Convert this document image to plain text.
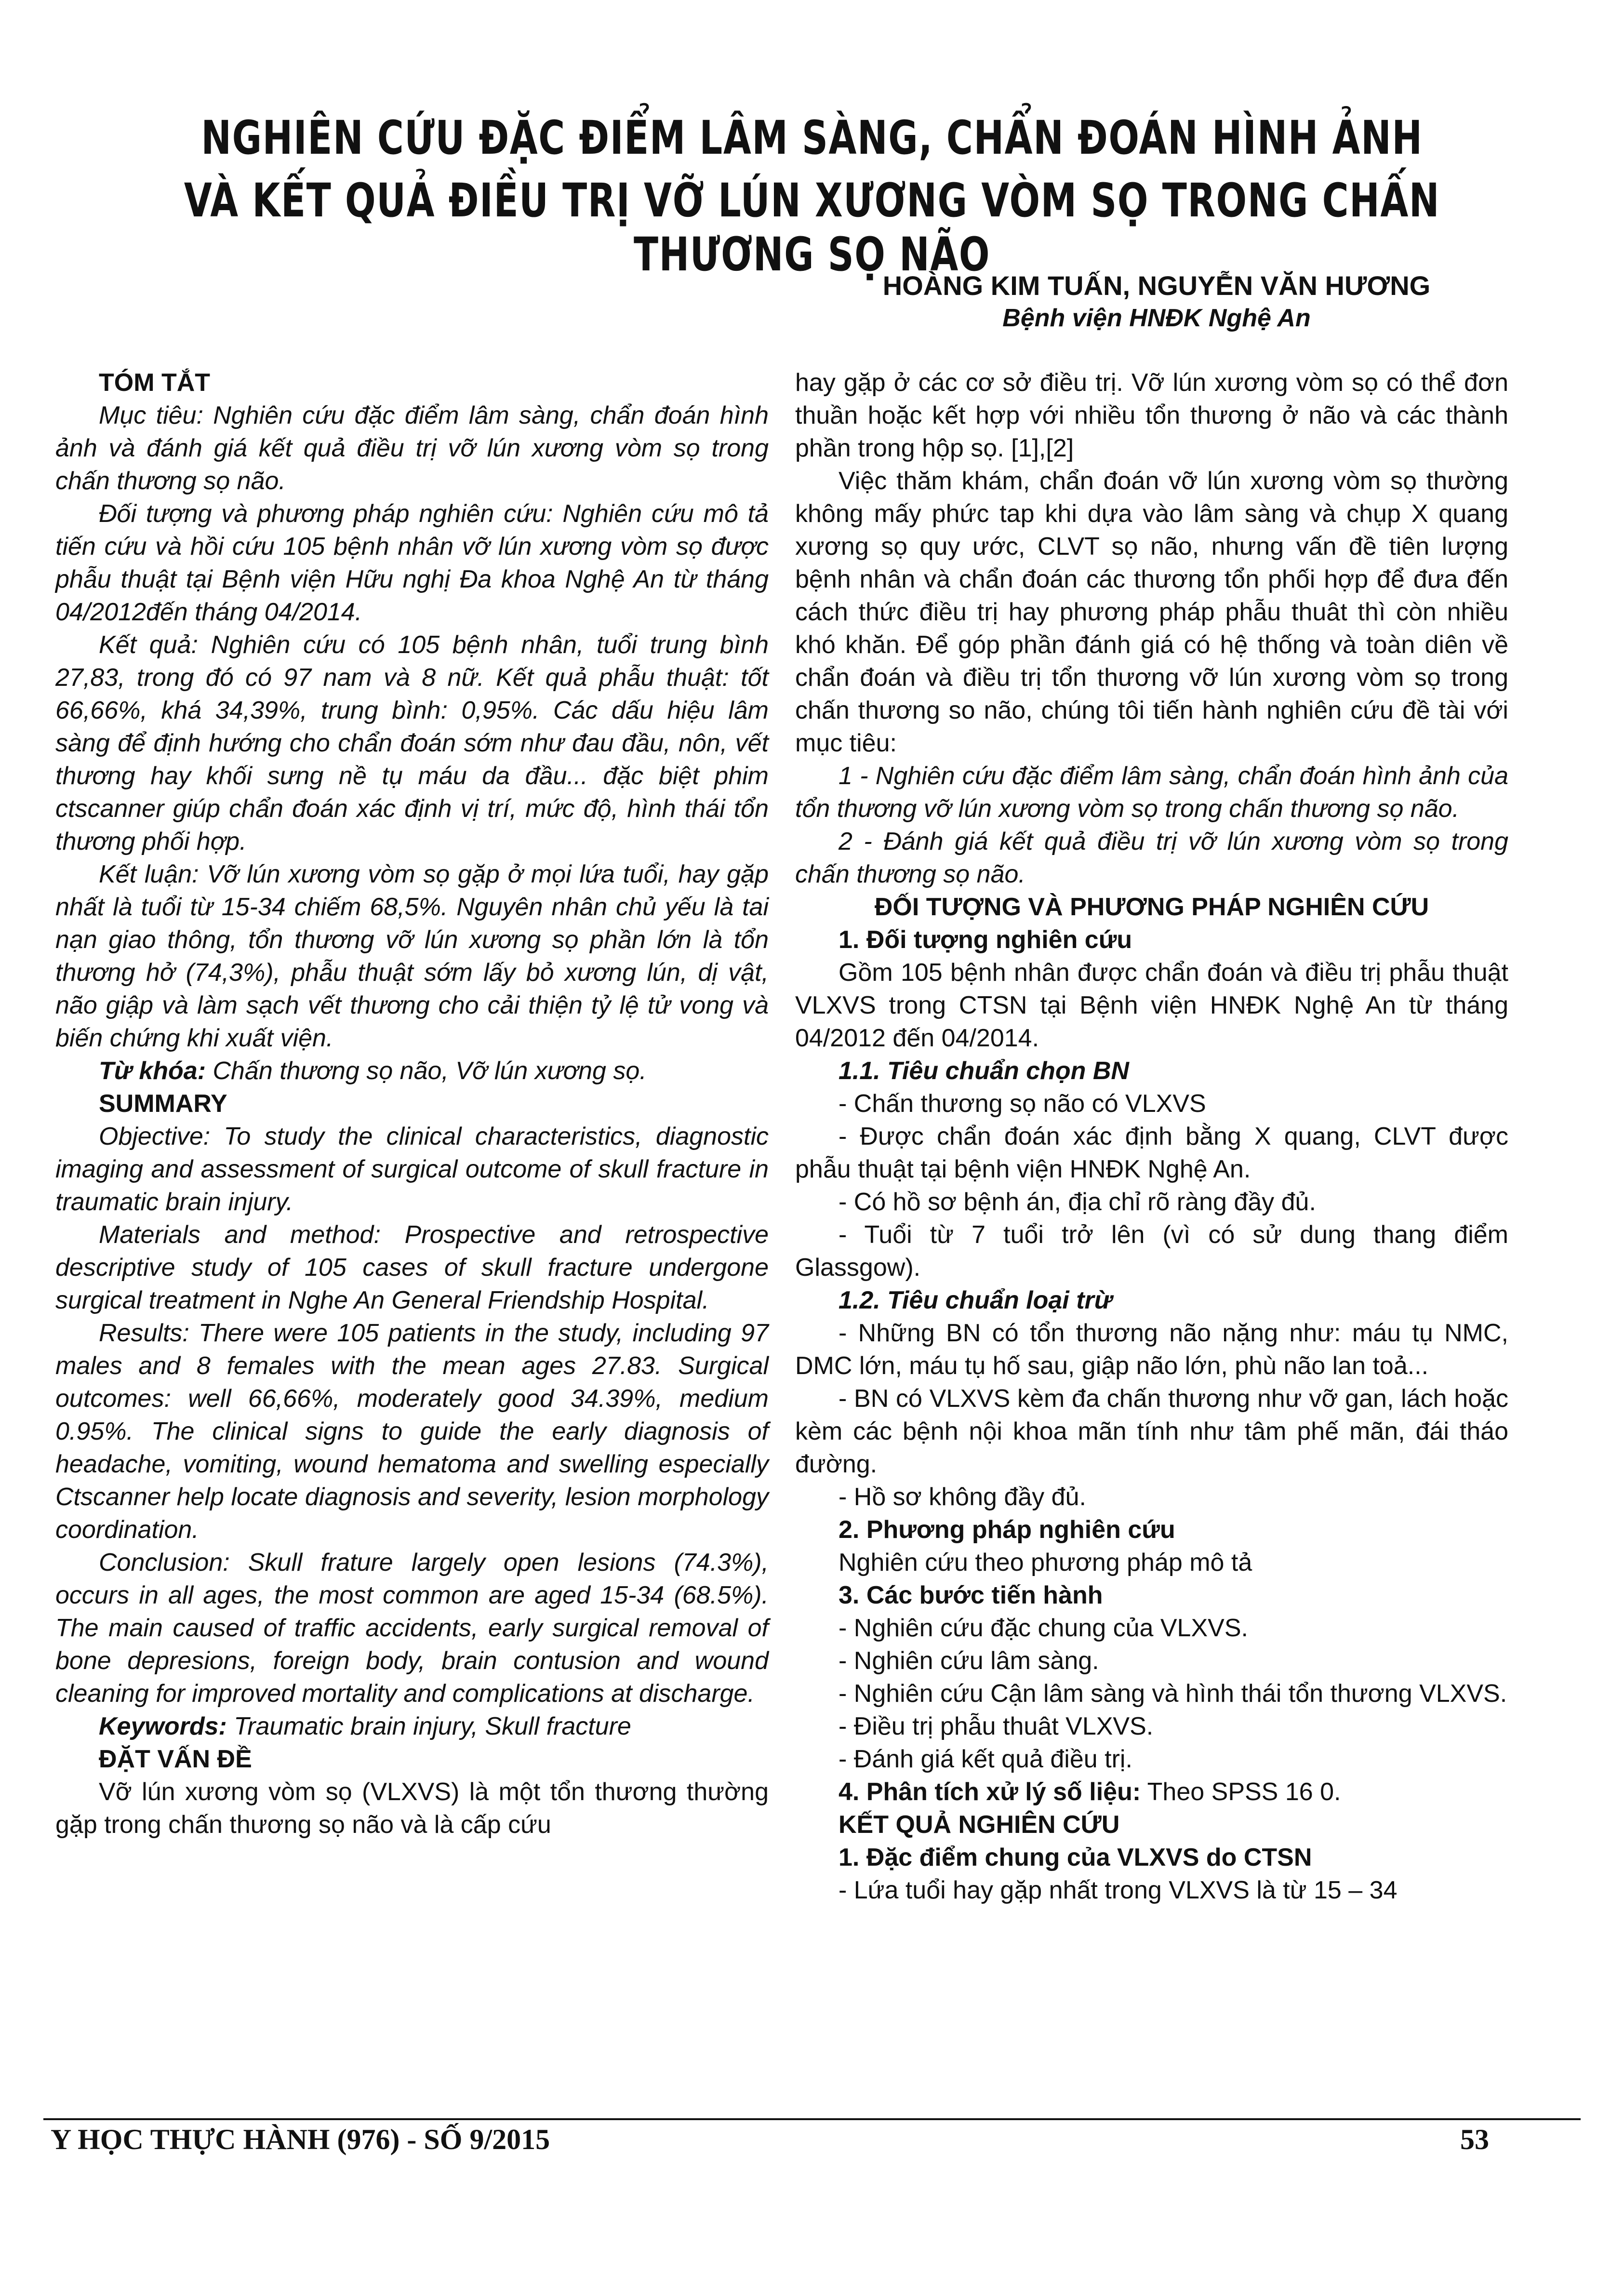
NGHIÊN CỨU ĐẶC ĐIỂM LÂM SÀNG, CHẨN ĐOÁN HÌNH ẢNH
VÀ KẾT QUẢ ĐIỀU TRỊ VỠ LÚN XƯƠNG VÒM SỌ TRONG CHẤN THƯƠNG SỌ NÃO
HOÀNG KIM TUẤN, NGUYỄN VĂN HƯƠNG
Bệnh viện HNĐK Nghệ An

TÓM TẮT

Mục tiêu: Nghiên cứu đặc điểm lâm sàng, chẩn đoán hình ảnh và đánh giá kết quả điều trị vỡ lún xương vòm sọ trong chấn thương sọ não.

Đối tượng và phương pháp nghiên cứu: Nghiên cứu mô tả tiến cứu và hồi cứu 105 bệnh nhân vỡ lún xương vòm sọ được phẫu thuật tại Bệnh viện Hữu nghị Đa khoa Nghệ An từ tháng 04/2012đến tháng 04/2014.

Kết quả: Nghiên cứu có 105 bệnh nhân, tuổi trung bình 27,83, trong đó có 97 nam và 8 nữ. Kết quả phẫu thuật: tốt 66,66%, khá 34,39%, trung bình: 0,95%. Các dấu hiệu lâm sàng để định hướng cho chẩn đoán sớm như đau đầu, nôn, vết thương hay khối sưng nề tụ máu da đầu... đặc biệt phim ctscanner giúp chẩn đoán xác định vị trí, mức độ, hình thái tổn thương phối hợp.

Kết luận: Vỡ lún xương vòm sọ gặp ở mọi lứa tuổi, hay gặp nhất là tuổi từ 15-34 chiếm 68,5%. Nguyên nhân chủ yếu là tai nạn giao thông, tổn thương vỡ lún xương sọ phần lớn là tổn thương hở (74,3%), phẫu thuật sớm lấy bỏ xương lún, dị vật, não giập và làm sạch vết thương cho cải thiện tỷ lệ tử vong và biến chứng khi xuất viện.

Từ khóa: Chấn thương sọ não, Vỡ lún xương sọ.

SUMMARY

Objective: To study the clinical characteristics, diagnostic imaging and assessment of surgical outcome of skull fracture in traumatic brain injury.

Materials and method: Prospective and retrospective descriptive study of 105 cases of skull fracture undergone surgical treatment in Nghe An General Friendship Hospital.

Results: There were 105 patients in the study, including 97 males and 8 females with the mean ages 27.83. Surgical outcomes: well 66,66%, moderately good 34.39%, medium 0.95%. The clinical signs to guide the early diagnosis of headache, vomiting, wound hematoma and swelling especially Ctscanner help locate diagnosis and severity, lesion morphology coordination.

Conclusion: Skull frature largely open lesions (74.3%), occurs in all ages, the most common are aged 15-34 (68.5%). The main caused of traffic accidents, early surgical removal of bone depresions, foreign body, brain contusion and wound cleaning for improved mortality and complications at discharge.

Keywords: Traumatic brain injury, Skull fracture

ĐẶT VẤN ĐỀ

Vỡ lún xương vòm sọ (VLXVS) là một tổn thương thường gặp trong chấn thương sọ não và là cấp cứu

hay gặp ở các cơ sở điều trị. Vỡ lún xương vòm sọ có thể đơn thuần hoặc kết hợp với nhiều tổn thương ở não và các thành phần trong hộp sọ. [1],[2]

Việc thăm khám, chẩn đoán vỡ lún xương vòm sọ thường không mấy phức tap khi dựa vào lâm sàng và chụp X quang xương sọ quy ước, CLVT sọ não, nhưng vấn đề tiên lượng bệnh nhân và chẩn đoán các thương tổn phối hợp để đưa đến cách thức điều trị hay phương pháp phẫu thuât thì còn nhiều khó khăn. Để góp phần đánh giá có hệ thống và toàn diên về chẩn đoán và điều trị tổn thương vỡ lún xương vòm sọ trong chấn thương so não, chúng tôi tiến hành nghiên cứu đề tài với mục tiêu:

1 - Nghiên cứu đặc điểm lâm sàng, chẩn đoán hình ảnh của tổn thương vỡ lún xương vòm sọ trong chấn thương sọ não.

2 - Đánh giá kết quả điều trị vỡ lún xương vòm sọ trong chấn thương sọ não.

ĐỐI TƯỢNG VÀ PHƯƠNG PHÁP NGHIÊN CỨU

1. Đối tượng nghiên cứu

Gồm 105 bệnh nhân được chẩn đoán và điều trị phẫu thuật VLXVS trong CTSN tại Bệnh viện HNĐK Nghệ An từ tháng 04/2012 đến 04/2014.

1.1. Tiêu chuẩn chọn BN

- Chấn thương sọ não có VLXVS

- Được chẩn đoán xác định bằng X quang, CLVT được phẫu thuật tại bệnh viện HNĐK Nghệ An.

- Có hồ sơ bệnh án, địa chỉ rõ ràng đầy đủ.

- Tuổi từ 7 tuổi trở lên (vì có sử dung thang điểm Glassgow).

1.2. Tiêu chuẩn loại trừ

- Những BN có tổn thương não nặng như: máu tụ NMC, DMC lớn, máu tụ hố sau, giập não lớn, phù não lan toả...

- BN có VLXVS kèm đa chấn thương như vỡ gan, lách hoặc kèm các bệnh nội khoa mãn tính như tâm phế mãn, đái tháo đường.

- Hồ sơ không đầy đủ.

2. Phương pháp nghiên cứu

Nghiên cứu theo phương pháp mô tả

3. Các bước tiến hành

- Nghiên cứu đặc chung của VLXVS.

- Nghiên cứu lâm sàng.

- Nghiên cứu Cận lâm sàng và hình thái tổn thương VLXVS.

- Điều trị phẫu thuât VLXVS.

- Đánh giá kết quả điều trị.

4. Phân tích xử lý số liệu: Theo SPSS 16 0.

KẾT QUẢ NGHIÊN CỨU

1. Đặc điểm chung của VLXVS do CTSN

- Lứa tuổi hay gặp nhất trong VLXVS là từ 15 – 34

Y HỌC THỰC HÀNH (976) - SỐ 9/2015	53
